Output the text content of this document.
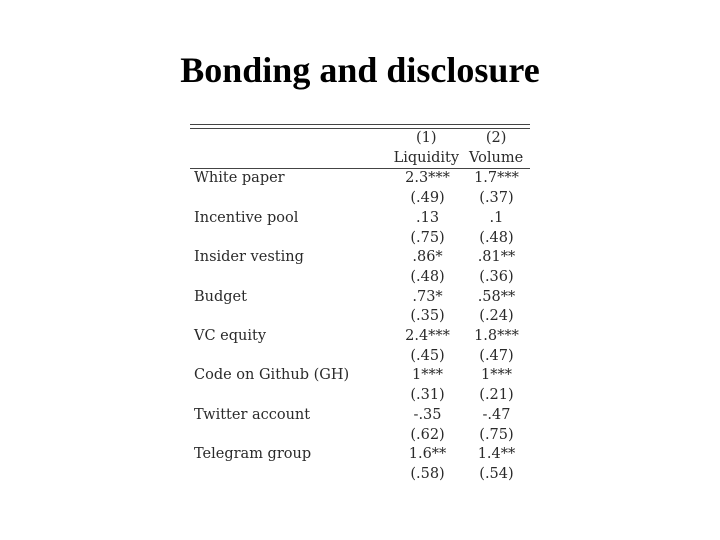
Bonding and disclosure
	(1)	(2)
	Liquidity	Volume
White paper	2.3***	1.7***
	(.49)	(.37)
Incentive pool	.13	.1
	(.75)	(.48)
Insider vesting	.86*	.81**
	(.48)	(.36)
Budget	.73*	.58**
	(.35)	(.24)
VC equity	2.4***	1.8***
	(.45)	(.47)
Code on Github (GH)	1***	1***
	(.31)	(.21)
Twitter account	-.35	-.47
	(.62)	(.75)
Telegram group	1.6**	1.4**
	(.58)	(.54)
